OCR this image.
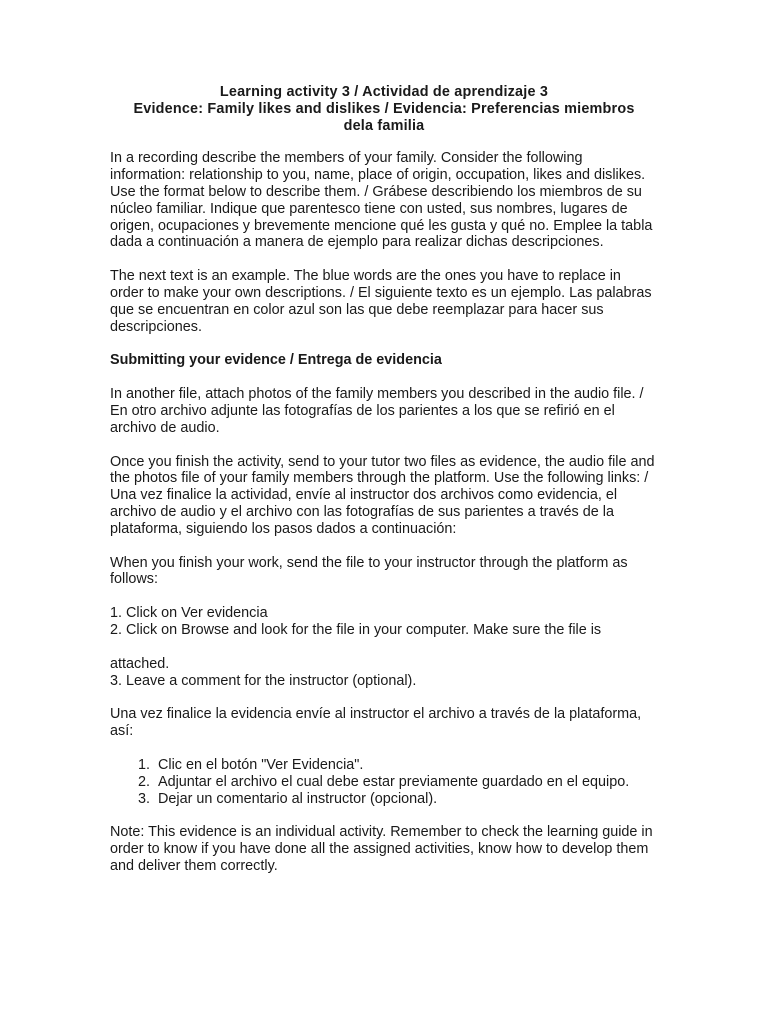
Learning activity 3 / Actividad de aprendizaje 3
Evidence: Family likes and dislikes / Evidencia: Preferencias miembros
dela familia

In a recording describe the members of your family. Consider the following information: relationship to you, name, place of origin, occupation, likes and dislikes. Use the format below to describe them. / Grábese describiendo los miembros de su núcleo familiar. Indique que parentesco tiene con usted, sus nombres, lugares de origen, ocupaciones y brevemente mencione qué les gusta y qué no. Emplee la tabla dada a continuación a manera de ejemplo para realizar dichas descripciones.

The next text is an example. The blue words are the ones you have to replace in order to make your own descriptions. / El siguiente texto es un ejemplo. Las palabras que se encuentran en color azul son las que debe reemplazar para hacer sus descripciones.

Submitting your evidence / Entrega de evidencia

In another file, attach photos of the family members you described in the audio file. / En otro archivo adjunte las fotografías de los parientes a los que se refirió en el archivo de audio.

Once you finish the activity, send to your tutor two files as evidence, the audio file and the photos file of your family members through the platform. Use the following links: / Una vez finalice la actividad, envíe al instructor dos archivos como evidencia, el archivo de audio y el archivo con las fotografías de sus parientes a través de la plataforma, siguiendo los pasos dados a continuación:

When you finish your work, send the file to your instructor through the platform as follows:

1. Click on Ver evidencia
2. Click on Browse and look for the file in your computer. Make sure the file is
attached.
3. Leave a comment for the instructor (optional).

Una vez finalice la evidencia envíe al instructor el archivo a través de la plataforma, así:

1. Clic en el botón "Ver Evidencia".
2. Adjuntar el archivo el cual debe estar previamente guardado en el equipo.
3. Dejar un comentario al instructor (opcional).

Note: This evidence is an individual activity. Remember to check the learning guide in order to know if you have done all the assigned activities, know how to develop them and deliver them correctly.
